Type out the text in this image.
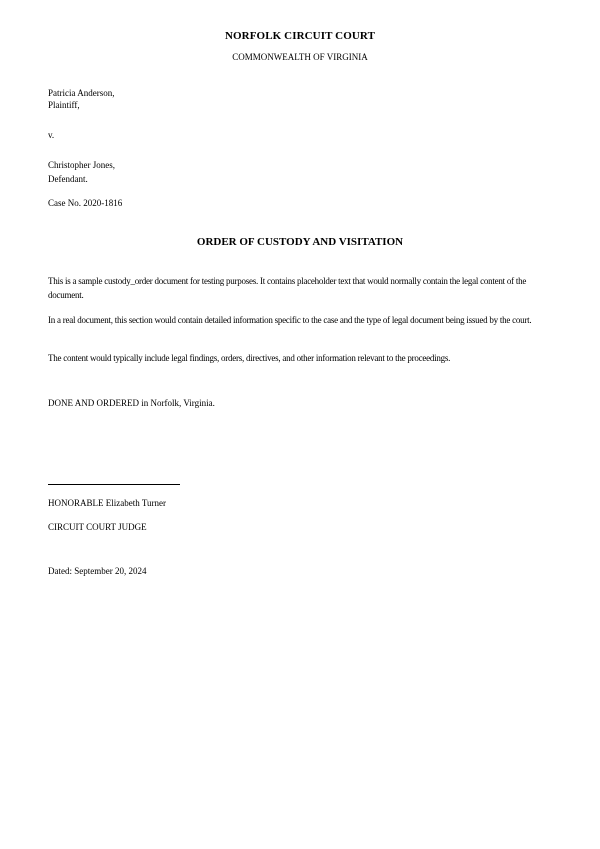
NORFOLK CIRCUIT COURT
COMMONWEALTH OF VIRGINIA
Patricia Anderson,
Plaintiff,
v.
Christopher Jones,
Defendant.
Case No. 2020-1816
ORDER OF CUSTODY AND VISITATION
This is a sample custody_order document for testing purposes. It contains placeholder text that would normally contain the legal content of the document.
In a real document, this section would contain detailed information specific to the case and the type of legal document being issued by the court.
The content would typically include legal findings, orders, directives, and other information relevant to the proceedings.
DONE AND ORDERED in Norfolk, Virginia.
HONORABLE Elizabeth Turner
CIRCUIT COURT JUDGE
Dated: September 20, 2024
